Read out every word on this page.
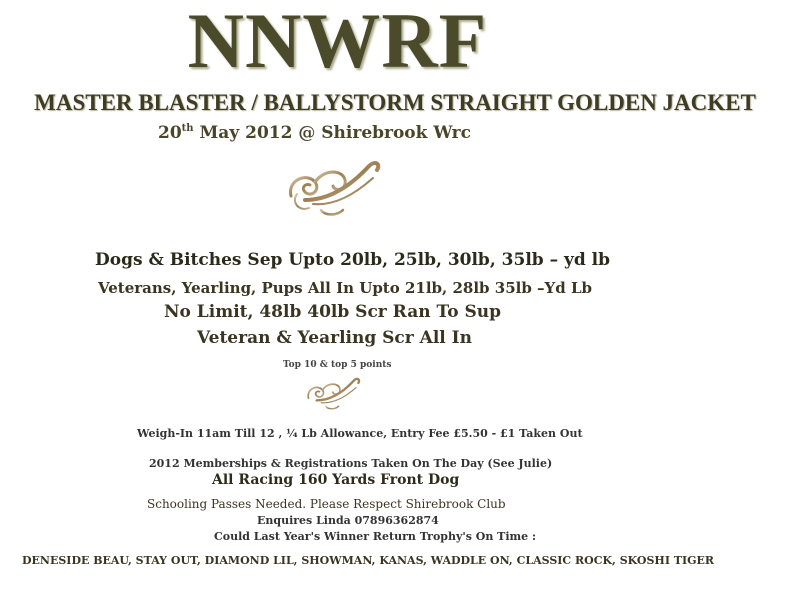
NNWRF
MASTER BLASTER / BALLYSTORM STRAIGHT GOLDEN JACKET
20th May 2012 @ Shirebrook Wrc
Dogs & Bitches Sep Upto 20lb, 25lb, 30lb, 35lb – yd lb
Veterans, Yearling, Pups All In Upto 21lb, 28lb 35lb –Yd Lb
No Limit, 48lb 40lb Scr Ran To Sup
Veteran & Yearling Scr All In
Top 10 & top 5 points
Weigh-In 11am Till 12 , ¼ Lb Allowance, Entry Fee £5.50 - £1 Taken Out
2012 Memberships & Registrations Taken On The Day (See Julie)
All Racing 160 Yards Front Dog
Schooling Passes Needed. Please Respect Shirebrook Club
Enquires Linda 07896362874
Could Last Year's Winner Return Trophy's On Time :
DENESIDE BEAU, STAY OUT, DIAMOND LIL, SHOWMAN, KANAS, WADDLE ON, CLASSIC ROCK, SKOSHI TIGER
